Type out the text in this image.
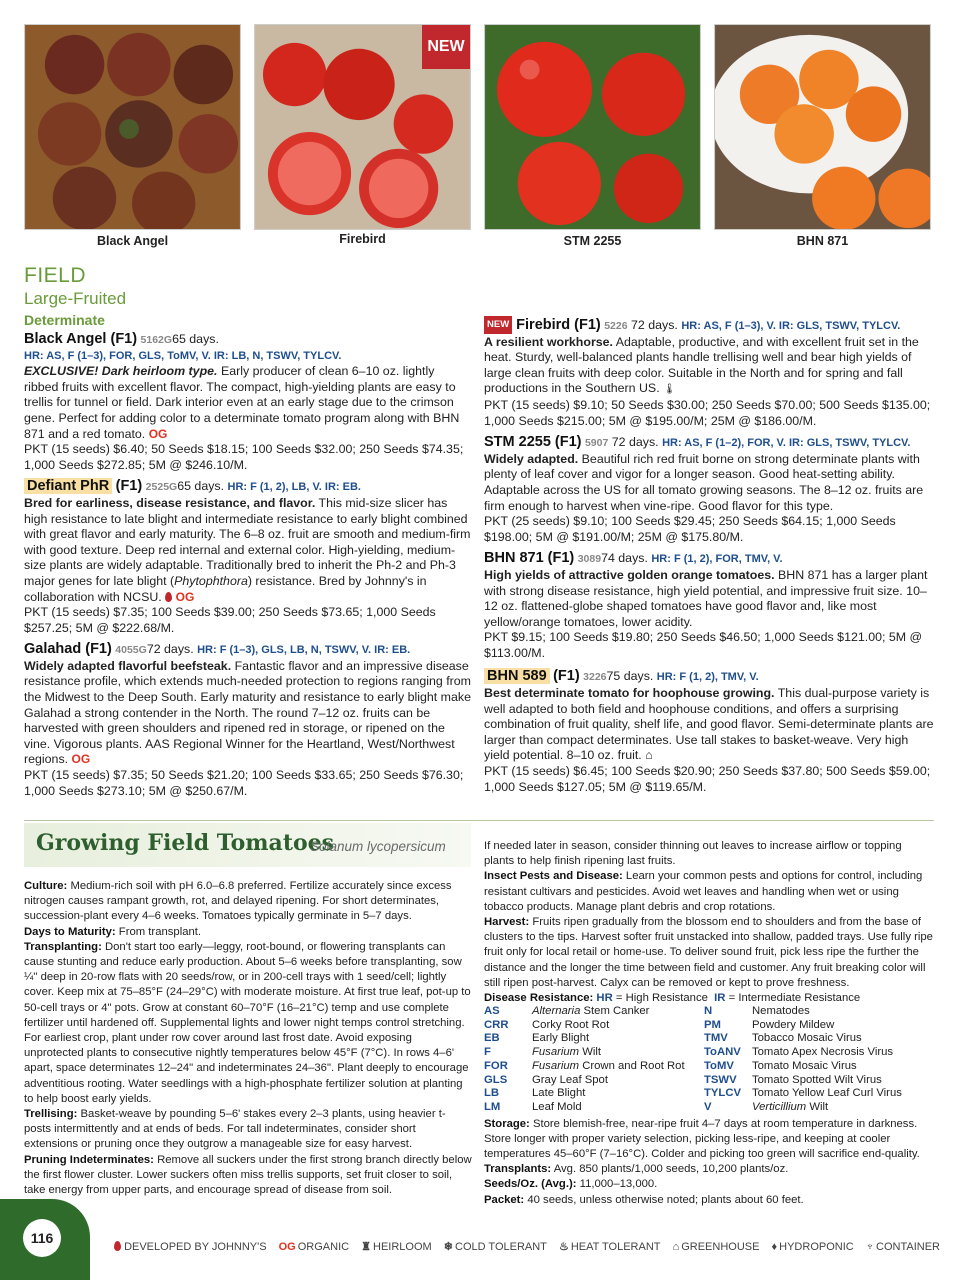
NEW
Black Angel	Firebird	STM 2255	BHN 871
FIELD
Large-Fruited
Determinate
Black Angel (F1) 5162G65 days.
HR: AS, F (1–3), FOR, GLS, ToMV, V. IR: LB, N, TSWV, TYLCV.
EXCLUSIVE! Dark heirloom type. Early producer of clean 6–10 oz. lightly ribbed fruits with excellent flavor. The compact, high-yielding plants are easy to trellis for tunnel or field. Dark interior even at an early stage due to the crimson gene. Perfect for adding color to a determinate tomato program along with BHN 871 and a red tomato. OG
PKT (15 seeds) $6.40; 50 Seeds $18.15; 100 Seeds $32.00; 250 Seeds $74.35; 1,000 Seeds $272.85; 5M @ $246.10/M.
Defiant PhR (F1) 2525G65 days. HR: F (1, 2), LB, V. IR: EB.
Bred for earliness, disease resistance, and flavor. This mid-size slicer has high resistance to late blight and intermediate resistance to early blight combined with great flavor and early maturity. The 6–8 oz. fruit are smooth and medium-firm with good texture. Deep red internal and external color. High-yielding, medium-size plants are widely adaptable. Traditionally bred to inherit the Ph-2 and Ph-3 major genes for late blight (Phytophthora) resistance. Bred by Johnny's in collaboration with NCSU. OG
PKT (15 seeds) $7.35; 100 Seeds $39.00; 250 Seeds $73.65; 1,000 Seeds $257.25; 5M @ $222.68/M.
Galahad (F1) 4055G72 days. HR: F (1–3), GLS, LB, N, TSWV, V. IR: EB.
Widely adapted flavorful beefsteak. Fantastic flavor and an impressive disease resistance profile, which extends much-needed protection to regions ranging from the Midwest to the Deep South. Early maturity and resistance to early blight make Galahad a strong contender in the North. The round 7–12 oz. fruits can be harvested with green shoulders and ripened red in storage, or ripened on the vine. Vigorous plants. AAS Regional Winner for the Heartland, West/Northwest regions. OG
PKT (15 seeds) $7.35; 50 Seeds $21.20; 100 Seeds $33.65; 250 Seeds $76.30; 1,000 Seeds $273.10; 5M @ $250.67/M.
NEW Firebird (F1) 5226 72 days. HR: AS, F (1–3), V. IR: GLS, TSWV, TYLCV.
A resilient workhorse. Adaptable, productive, and with excellent fruit set in the heat. Sturdy, well-balanced plants handle trellising well and bear high yields of large clean fruits with deep color. Suitable in the North and for spring and fall productions in the Southern US. 🌡
PKT (15 seeds) $9.10; 50 Seeds $30.00; 250 Seeds $70.00; 500 Seeds $135.00; 1,000 Seeds $215.00; 5M @ $195.00/M; 25M @ $186.00/M.
STM 2255 (F1) 5907 72 days. HR: AS, F (1–2), FOR, V. IR: GLS, TSWV, TYLCV.
Widely adapted. Beautiful rich red fruit borne on strong determinate plants with plenty of leaf cover and vigor for a longer season. Good heat-setting ability. Adaptable across the US for all tomato growing seasons. The 8–12 oz. fruits are firm enough to harvest when vine-ripe. Good flavor for this type.
PKT (25 seeds) $9.10; 100 Seeds $29.45; 250 Seeds $64.15; 1,000 Seeds $198.00; 5M @ $191.00/M; 25M @ $175.80/M.
BHN 871 (F1) 308974 days. HR: F (1, 2), FOR, TMV, V.
High yields of attractive golden orange tomatoes. BHN 871 has a larger plant with strong disease resistance, high yield potential, and impressive fruit size. 10–12 oz. flattened-globe shaped tomatoes have good flavor and, like most yellow/orange tomatoes, lower acidity.
PKT $9.15; 100 Seeds $19.80; 250 Seeds $46.50; 1,000 Seeds $121.00; 5M @ $113.00/M.
BHN 589 (F1) 322675 days. HR: F (1, 2), TMV, V.
Best determinate tomato for hoophouse growing. This dual-purpose variety is well adapted to both field and hoophouse conditions, and offers a surprising combination of fruit quality, shelf life, and good flavor. Semi-determinate plants are larger than compact determinates. Use tall stakes to basket-weave. Very high yield potential. 8–10 oz. fruit. ⌂
PKT (15 seeds) $6.45; 100 Seeds $20.90; 250 Seeds $37.80; 500 Seeds $59.00; 1,000 Seeds $127.05; 5M @ $119.65/M.
Growing Field Tomatoes
Solanum lycopersicum
Culture: Medium-rich soil with pH 6.0–6.8 preferred. Fertilize accurately since excess nitrogen causes rampant growth, rot, and delayed ripening. For short determinates, succession-plant every 4–6 weeks. Tomatoes typically germinate in 5–7 days.
Days to Maturity: From transplant.
Transplanting: Don't start too early—leggy, root-bound, or flowering transplants can cause stunting and reduce early production. About 5–6 weeks before transplanting, sow ¼" deep in 20-row flats with 20 seeds/row, or in 200-cell trays with 1 seed/cell; lightly cover. Keep mix at 75–85°F (24–29°C) with moderate moisture. At first true leaf, pot-up to 50-cell trays or 4" pots. Grow at constant 60–70°F (16–21°C) temp and use complete fertilizer until hardened off. Supplemental lights and lower night temps control stretching. For earliest crop, plant under row cover around last frost date. Avoid exposing unprotected plants to consecutive nightly temperatures below 45°F (7°C). In rows 4–6' apart, space determinates 12–24" and indeterminates 24–36". Plant deeply to encourage adventitious rooting. Water seedlings with a high-phosphate fertilizer solution at planting to help boost early yields.
Trellising: Basket-weave by pounding 5–6' stakes every 2–3 plants, using heavier t-posts intermittently and at ends of beds. For tall indeterminates, consider short extensions or pruning once they outgrow a manageable size for easy harvest.
Pruning Indeterminates: Remove all suckers under the first strong branch directly below the first flower cluster. Lower suckers often miss trellis supports, set fruit closer to soil, take energy from upper parts, and encourage spread of disease from soil.
If needed later in season, consider thinning out leaves to increase airflow or topping plants to help finish ripening last fruits.
Insect Pests and Disease: Learn your common pests and options for control, including resistant cultivars and pesticides. Avoid wet leaves and handling when wet or using tobacco products. Manage plant debris and crop rotations.
Harvest: Fruits ripen gradually from the blossom end to shoulders and from the base of clusters to the tips. Harvest softer fruit unstacked into shallow, padded trays. Use fully ripe fruit only for local retail or home-use. To deliver sound fruit, pick less ripe the further the distance and the longer the time between field and customer. Any fruit breaking color will still ripen post-harvest. Calyx can be removed or kept to prove freshness.
Disease Resistance: HR = High Resistance IR = Intermediate Resistance
AS	Alternaria Stem Canker	N	Nematodes
CRR	Corky Root Rot	PM	Powdery Mildew
EB	Early Blight	TMV	Tobacco Mosaic Virus
F	Fusarium Wilt	ToANV Tomato Apex Necrosis Virus
FOR	Fusarium Crown and Root Rot	ToMV	Tomato Mosaic Virus
GLS	Gray Leaf Spot	TSWV	Tomato Spotted Wilt Virus
LB	Late Blight	TYLCV Tomato Yellow Leaf Curl Virus
LM	Leaf Mold	V	Verticillium Wilt
Storage: Store blemish-free, near-ripe fruit 4–7 days at room temperature in darkness. Store longer with proper variety selection, picking less-ripe, and keeping at cooler temperatures 45–60°F (7–16°C). Colder and picking too green will sacrifice end-quality.
Transplants: Avg. 850 plants/1,000 seeds, 10,200 plants/oz.
Seeds/Oz. (Avg.): 11,000–13,000.
Packet: 40 seeds, unless otherwise noted; plants about 60 feet.
116
DEVELOPED BY JOHNNY'S OG ORGANIC ♜ HEIRLOOM ❄ COLD TOLERANT ♨ HEAT TOLERANT ⌂ GREENHOUSE ♦ HYDROPONIC ♆ CONTAINER
